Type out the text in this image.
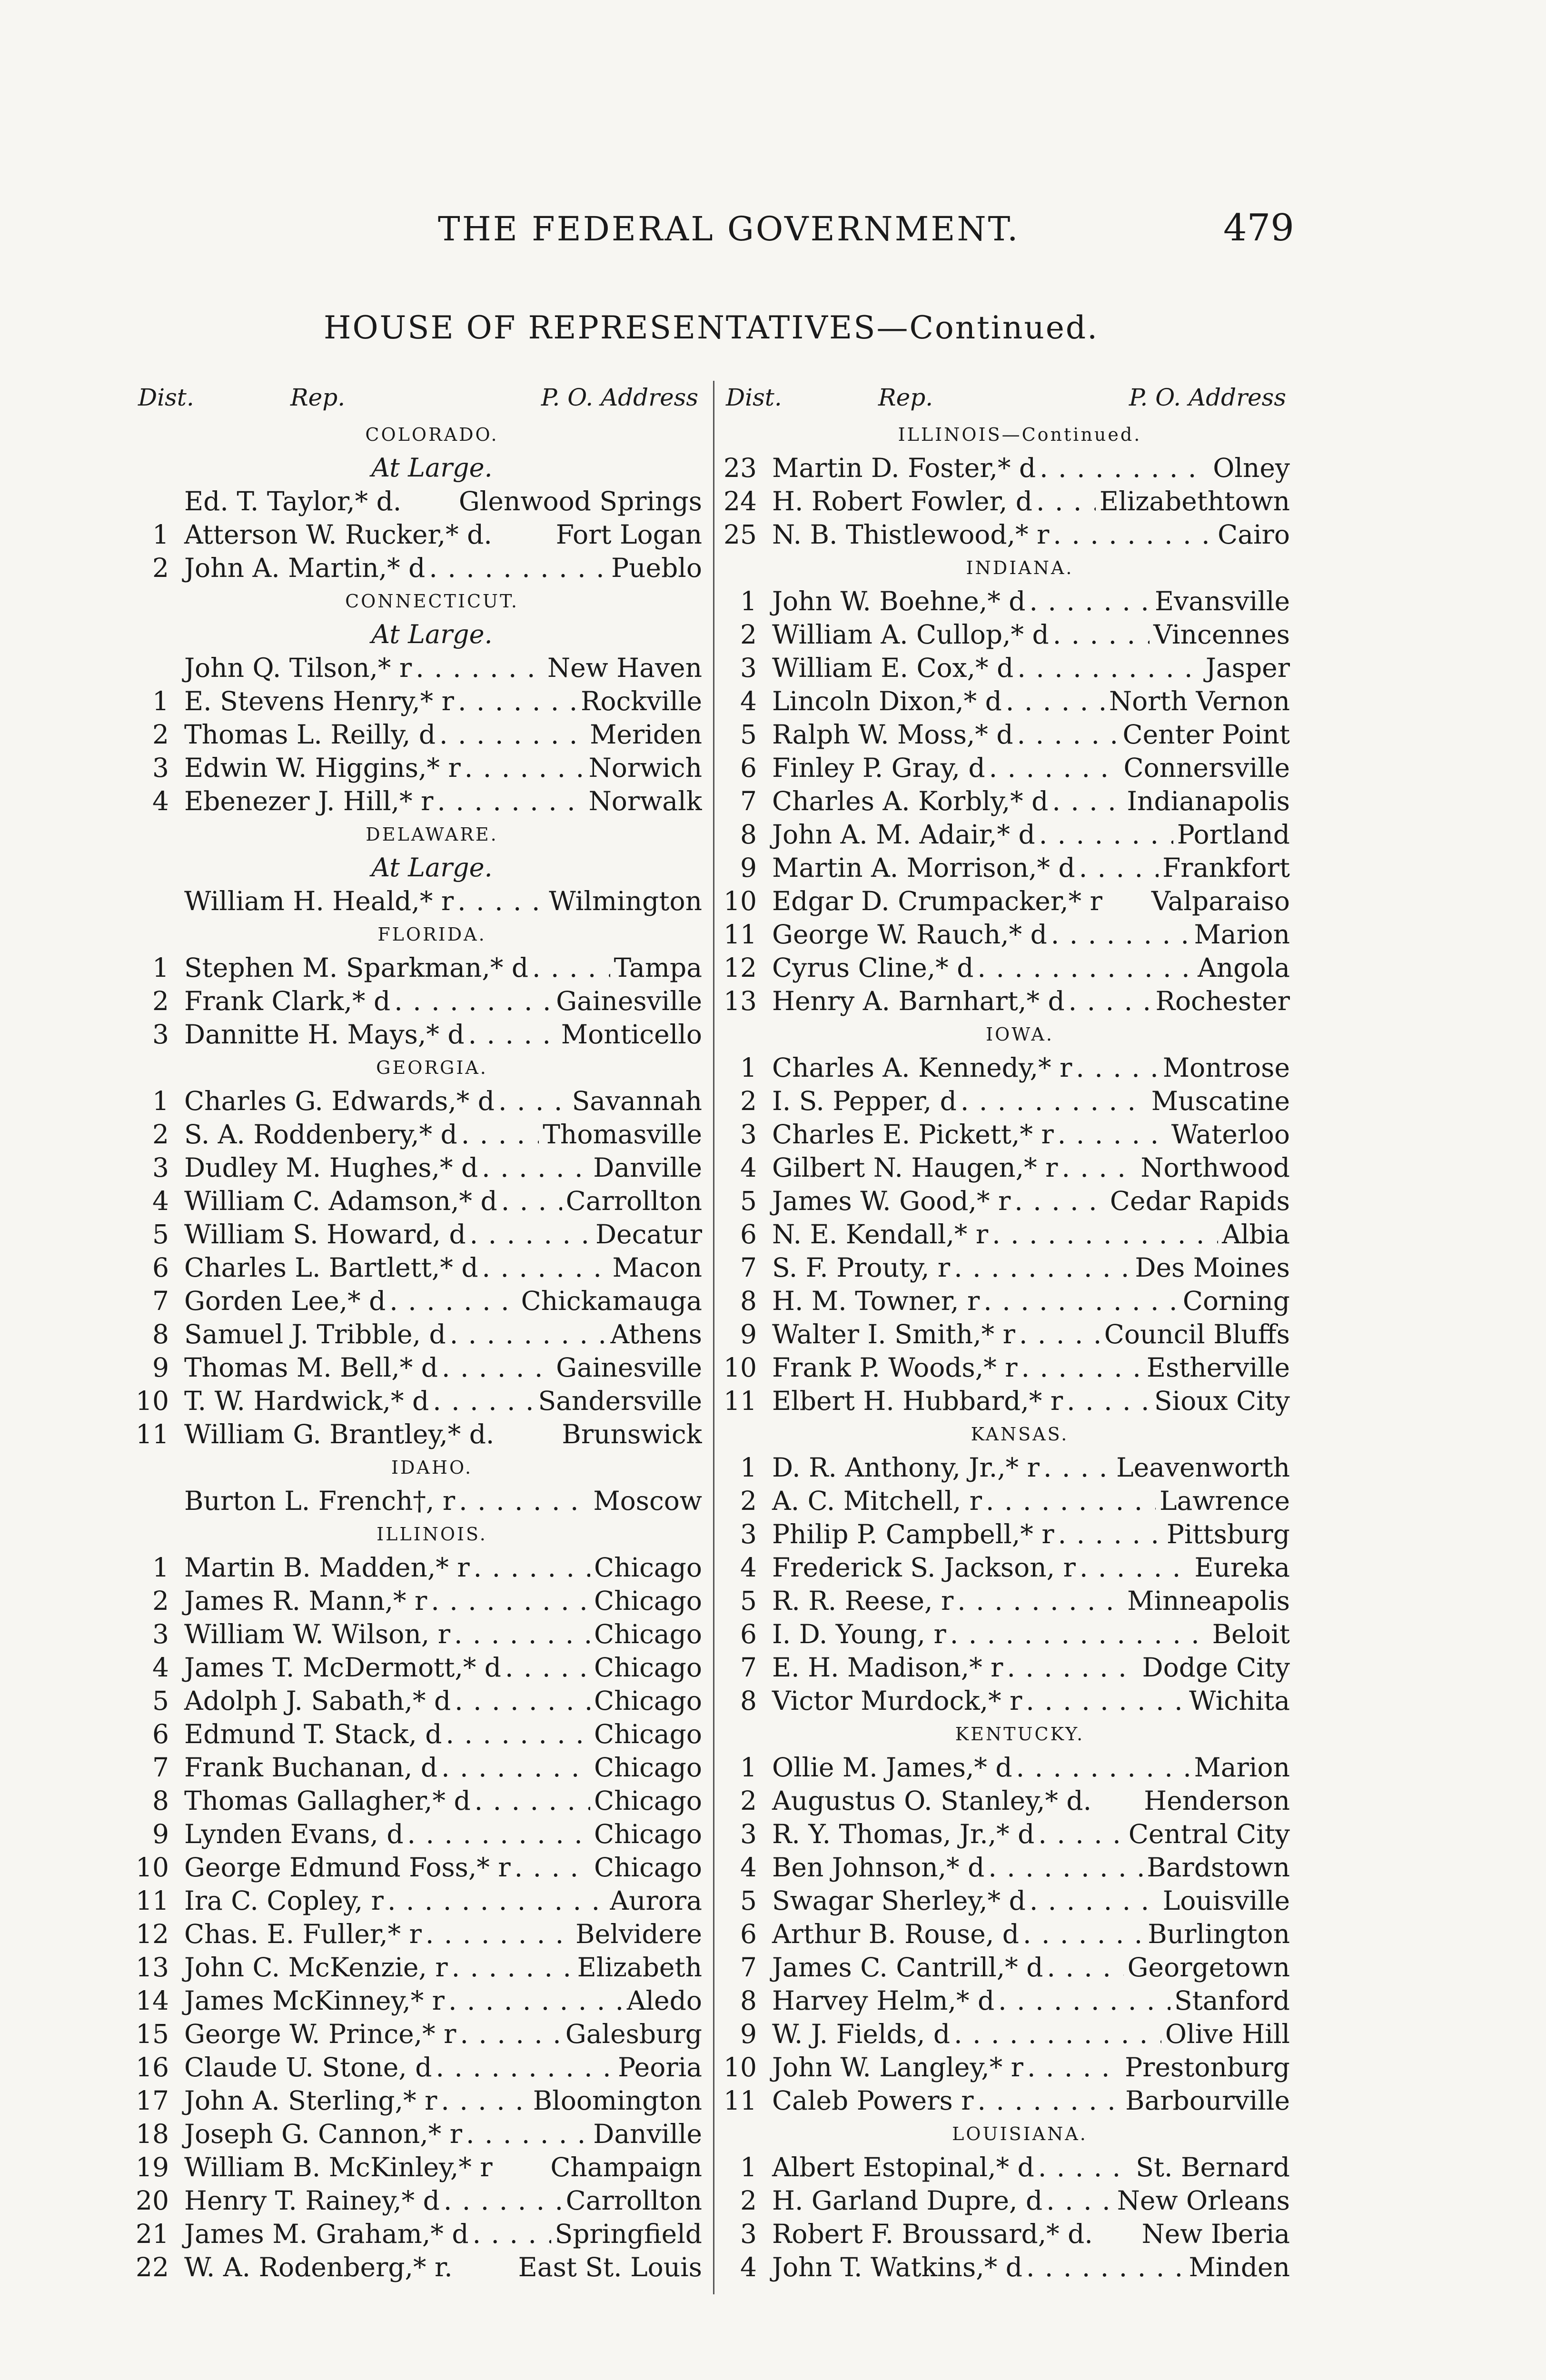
THE FEDERAL GOVERNMENT.	479
HOUSE OF REPRESENTATIVES—Continued.
Dist.	Rep.	P. O. Address
COLORADO.
At Large.
Ed. T. Taylor,* d. Glenwood Springs
1 Atterson W. Rucker,* d. Fort Logan
2 John A. Martin,* d . . .	Pueblo
CONNECTICUT.
At Large.
John Q. Tilson,* r . . .	New Haven
1 E. Stevens Henry,* r . . .	Rockville
2 Thomas L. Reilly, d . . .	Meriden
3 Edwin W. Higgins,* r . . .	Norwich
4 Ebenezer J. Hill,* r . . .	Norwalk
DELAWARE.
At Large.
William H. Heald,* r . . .	Wilmington
FLORIDA.
1 Stephen M. Sparkman,* d . . .	Tampa
2 Frank Clark,* d . . .	Gainesville
3 Dannitte H. Mays,* d . . .	Monticello
GEORGIA.
1 Charles G. Edwards,* d . . .	Savannah
2 S. A. Roddenbery,* d . . .	Thomasville
3 Dudley M. Hughes,* d . . .	Danville
4 William C. Adamson,* d . . .	Carrollton
5 William S. Howard, d . . .	Decatur
6 Charles L. Bartlett,* d . . .	Macon
7 Gorden Lee,* d . . .	Chickamauga
8 Samuel J. Tribble, d . . .	Athens
9 Thomas M. Bell,* d . . .	Gainesville
10 T. W. Hardwick,* d . . .	Sandersville
11 William G. Brantley,* d.	Brunswick
IDAHO.
Burton L. French†, r . . .	Moscow
ILLINOIS.
1 Martin B. Madden,* r . . .	Chicago
2 James R. Mann,* r . . .	Chicago
3 William W. Wilson, r . . .	Chicago
4 James T. McDermott,* d . . .	Chicago
5 Adolph J. Sabath,* d . . .	Chicago
6 Edmund T. Stack, d . . .	Chicago
7 Frank Buchanan, d . . .	Chicago
8 Thomas Gallagher,* d . . .	Chicago
9 Lynden Evans, d . . .	Chicago
10 George Edmund Foss,* r . . .	Chicago
11 Ira C. Copley, r . . .	Aurora
12 Chas. E. Fuller,* r . . .	Belvidere
13 John C. McKenzie, r . . .	Elizabeth
14 James McKinney,* r . . .	Aledo
15 George W. Prince,* r . . .	Galesburg
16 Claude U. Stone, d . . .	Peoria
17 John A. Sterling,* r . . .	Bloomington
18 Joseph G. Cannon,* r . . .	Danville
19 William B. McKinley,* r Champaign
20 Henry T. Rainey,* d . . .	Carrollton
21 James M. Graham,* d . . .	Springfield
22 W. A. Rodenberg,* r.	East St. Louis
Dist.	Rep.	P. O. Address
ILLINOIS—Continued.
23 Martin D. Foster,* d . . .	Olney
24 H. Robert Fowler, d . . .	Elizabethtown
25 N. B. Thistlewood,* r . . .	Cairo
INDIANA.
1 John W. Boehne,* d . . .	Evansville
2 William A. Cullop,* d . . .	Vincennes
3 William E. Cox,* d . . .	Jasper
4 Lincoln Dixon,* d . . .	North Vernon
5 Ralph W. Moss,* d . . .	Center Point
6 Finley P. Gray, d . . .	Connersville
7 Charles A. Korbly,* d . . .	Indianapolis
8 John A. M. Adair,* d . . .	Portland
9 Martin A. Morrison,* d . . .	Frankfort
10 Edgar D. Crumpacker,* r Valparaiso
11 George W. Rauch,* d . . .	Marion
12 Cyrus Cline,* d . . .	Angola
13 Henry A. Barnhart,* d . . .	Rochester
IOWA.
1 Charles A. Kennedy,* r . . .	Montrose
2 I. S. Pepper, d . . .	Muscatine
3 Charles E. Pickett,* r . . .	Waterloo
4 Gilbert N. Haugen,* r . . .	Northwood
5 James W. Good,* r . . .	Cedar Rapids
6 N. E. Kendall,* r . . .	Albia
7 S. F. Prouty, r . . .	Des Moines
8 H. M. Towner, r . . .	Corning
9 Walter I. Smith,* r . . .	Council Bluffs
10 Frank P. Woods,* r . . .	Estherville
11 Elbert H. Hubbard,* r . . .	Sioux City
KANSAS.
1 D. R. Anthony, Jr.,* r . . .	Leavenworth
2 A. C. Mitchell, r . . .	Lawrence
3 Philip P. Campbell,* r . . .	Pittsburg
4 Frederick S. Jackson, r . . .	Eureka
5 R. R. Reese, r . . .	Minneapolis
6 I. D. Young, r . . .	Beloit
7 E. H. Madison,* r . . .	Dodge City
8 Victor Murdock,* r . . .	Wichita
KENTUCKY.
1 Ollie M. James,* d . . .	Marion
2 Augustus O. Stanley,* d. Henderson
3 R. Y. Thomas, Jr.,* d . . .	Central City
4 Ben Johnson,* d . . .	Bardstown
5 Swagar Sherley,* d . . .	Louisville
6 Arthur B. Rouse, d . . .	Burlington
7 James C. Cantrill,* d . . .	Georgetown
8 Harvey Helm,* d . . .	Stanford
9 W. J. Fields, d . . .	Olive Hill
10 John W. Langley,* r . . .	Prestonburg
11 Caleb Powers r . . .	Barbourville
LOUISIANA.
1 Albert Estopinal,* d . . .	St. Bernard
2 H. Garland Dupre, d . . .	New Orleans
3 Robert F. Broussard,* d. New Iberia
4 John T. Watkins,* d . . .	Minden
